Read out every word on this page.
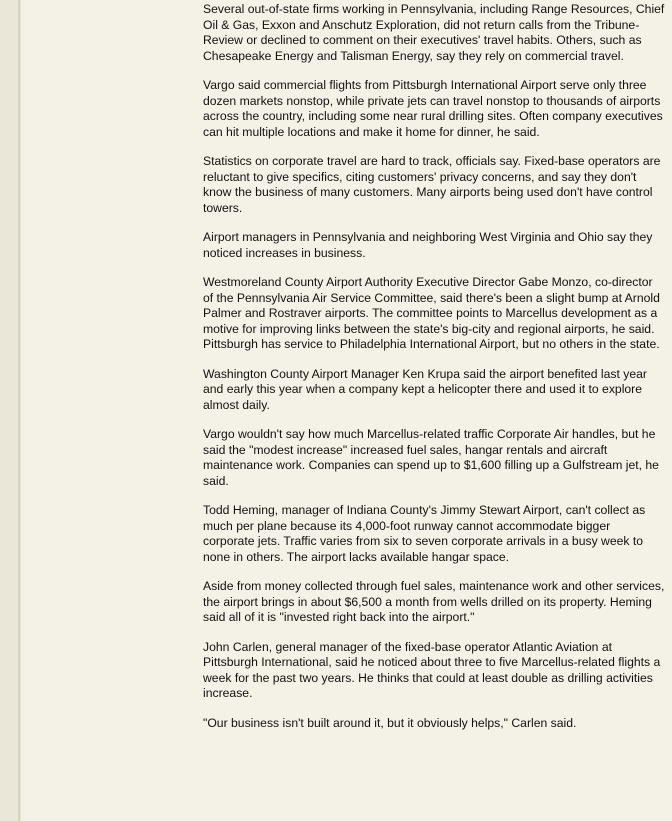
Several out-of-state firms working in Pennsylvania, including Range Resources, Chief Oil & Gas, Exxon and Anschutz Exploration, did not return calls from the Tribune-Review or declined to comment on their executives' travel habits. Others, such as Chesapeake Energy and Talisman Energy, say they rely on commercial travel.

Vargo said commercial flights from Pittsburgh International Airport serve only three dozen markets nonstop, while private jets can travel nonstop to thousands of airports across the country, including some near rural drilling sites. Often company executives can hit multiple locations and make it home for dinner, he said.

Statistics on corporate travel are hard to track, officials say. Fixed-base operators are reluctant to give specifics, citing customers' privacy concerns, and say they don't know the business of many customers. Many airports being used don't have control towers.

Airport managers in Pennsylvania and neighboring West Virginia and Ohio say they noticed increases in business.

Westmoreland County Airport Authority Executive Director Gabe Monzo, co-director of the Pennsylvania Air Service Committee, said there's been a slight bump at Arnold Palmer and Rostraver airports. The committee points to Marcellus development as a motive for improving links between the state's big-city and regional airports, he said. Pittsburgh has service to Philadelphia International Airport, but no others in the state.

Washington County Airport Manager Ken Krupa said the airport benefited last year and early this year when a company kept a helicopter there and used it to explore almost daily.

Vargo wouldn't say how much Marcellus-related traffic Corporate Air handles, but he said the "modest increase" increased fuel sales, hangar rentals and aircraft maintenance work. Companies can spend up to $1,600 filling up a Gulfstream jet, he said.

Todd Heming, manager of Indiana County's Jimmy Stewart Airport, can't collect as much per plane because its 4,000-foot runway cannot accommodate bigger corporate jets. Traffic varies from six to seven corporate arrivals in a busy week to none in others. The airport lacks available hangar space.

Aside from money collected through fuel sales, maintenance work and other services, the airport brings in about $6,500 a month from wells drilled on its property. Heming said all of it is "invested right back into the airport."

John Carlen, general manager of the fixed-base operator Atlantic Aviation at Pittsburgh International, said he noticed about three to five Marcellus-related flights a week for the past two years. He thinks that could at least double as drilling activities increase.

"Our business isn't built around it, but it obviously helps," Carlen said.
